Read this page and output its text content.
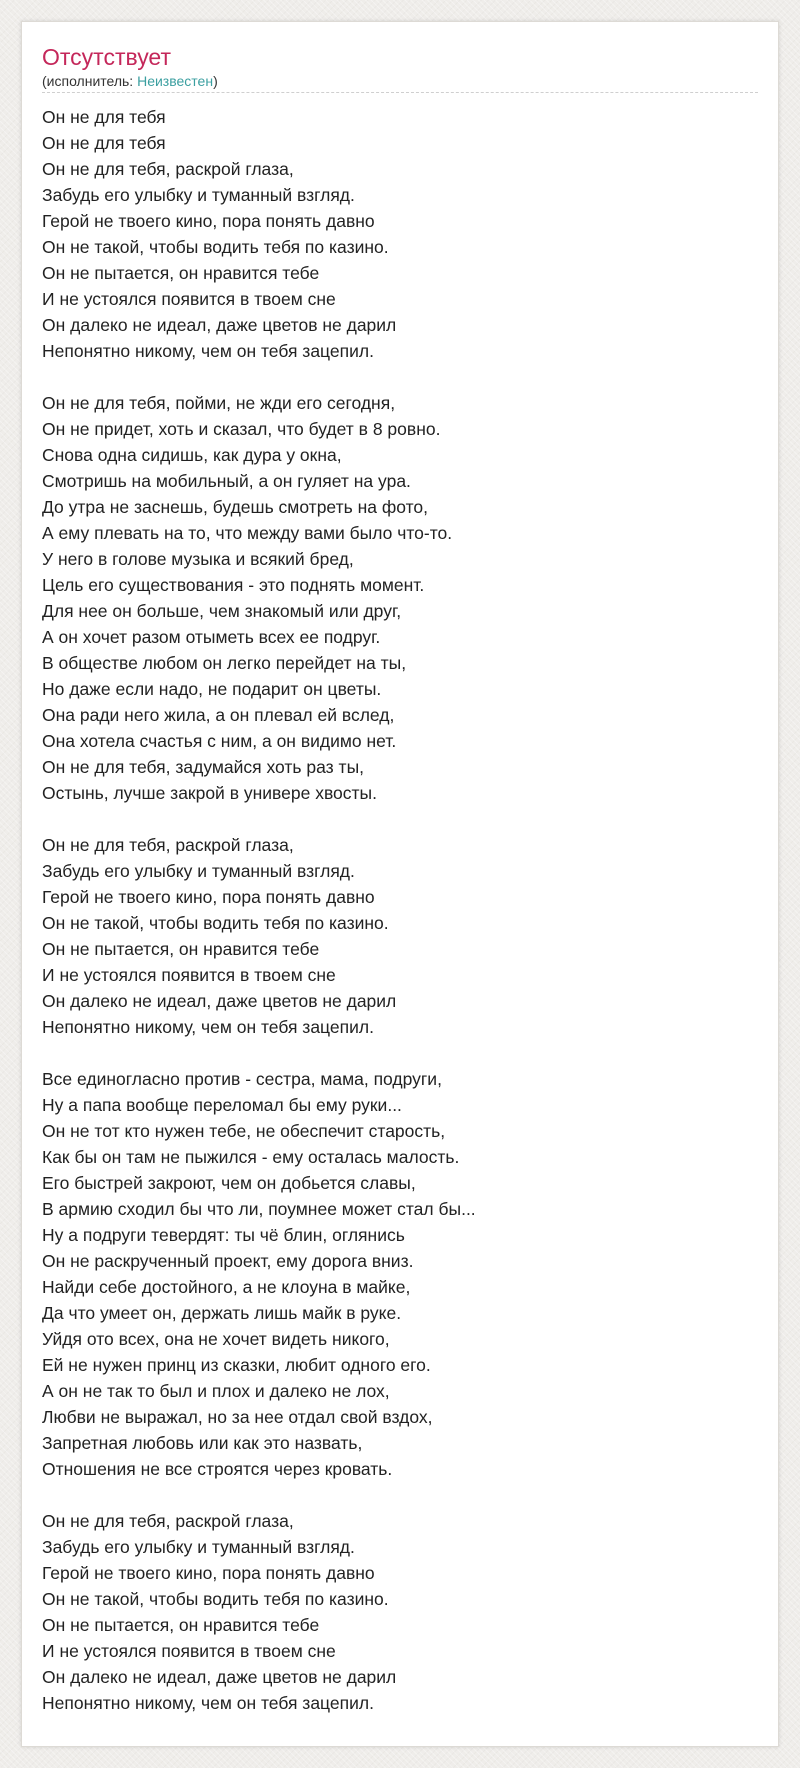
Отсутствует
(исполнитель: Неизвестен)
Он не для тебя
Он не для тебя
Он не для тебя, раскрой глаза,
Забудь его улыбку и туманный взгляд.
Герой не твоего кино, пора понять давно
Он не такой, чтобы водить тебя по казино.
Он не пытается, он нравится тебе
И не устоялся появится в твоем сне
Он далеко не идеал, даже цветов не дарил
Непонятно никому, чем он тебя зацепил.
Он не для тебя, пойми, не жди его сегодня,
Он не придет, хоть и сказал, что будет в 8 ровно.
Снова одна сидишь, как дура у окна,
Смотришь на мобильный, а он гуляет на ура.
До утра не заснешь, будешь смотреть на фото,
А ему плевать на то, что между вами было что-то.
У него в голове музыка и всякий бред,
Цель его существования - это поднять момент.
Для нее он больше, чем знакомый или друг,
А он хочет разом отыметь всех ее подруг.
В обществе любом он легко перейдет на ты,
Но даже если надо, не подарит он цветы.
Она ради него жила, а он плевал ей вслед,
Она хотела счастья с ним, а он видимо нет.
Он не для тебя, задумайся хоть раз ты,
Остынь, лучше закрой в универе хвосты.
Он не для тебя, раскрой глаза,
Забудь его улыбку и туманный взгляд.
Герой не твоего кино, пора понять давно
Он не такой, чтобы водить тебя по казино.
Он не пытается, он нравится тебе
И не устоялся появится в твоем сне
Он далеко не идеал, даже цветов не дарил
Непонятно никому, чем он тебя зацепил.
Все единогласно против - сестра, мама, подруги,
Ну а папа вообще переломал бы ему руки...
Он не тот кто нужен тебе, не обеспечит старость,
Как бы он там не пыжился - ему осталась малость.
Его быстрей закроют, чем он добьется славы,
В армию сходил бы что ли, поумнее может стал бы...
Ну а подруги тевердят: ты чё блин, оглянись
Он не раскрученный проект, ему дорога вниз.
Найди себе достойного, а не клоуна в майке,
Да что умеет он, держать лишь майк в руке.
Уйдя ото всех, она не хочет видеть никого,
Ей не нужен принц из сказки, любит одного его.
А он не так то был и плох и далеко не лох,
Любви не выражал, но за нее отдал свой вздох,
Запретная любовь или как это назвать,
Отношения не все строятся через кровать.
Он не для тебя, раскрой глаза,
Забудь его улыбку и туманный взгляд.
Герой не твоего кино, пора понять давно
Он не такой, чтобы водить тебя по казино.
Он не пытается, он нравится тебе
И не устоялся появится в твоем сне
Он далеко не идеал, даже цветов не дарил
Непонятно никому, чем он тебя зацепил.
